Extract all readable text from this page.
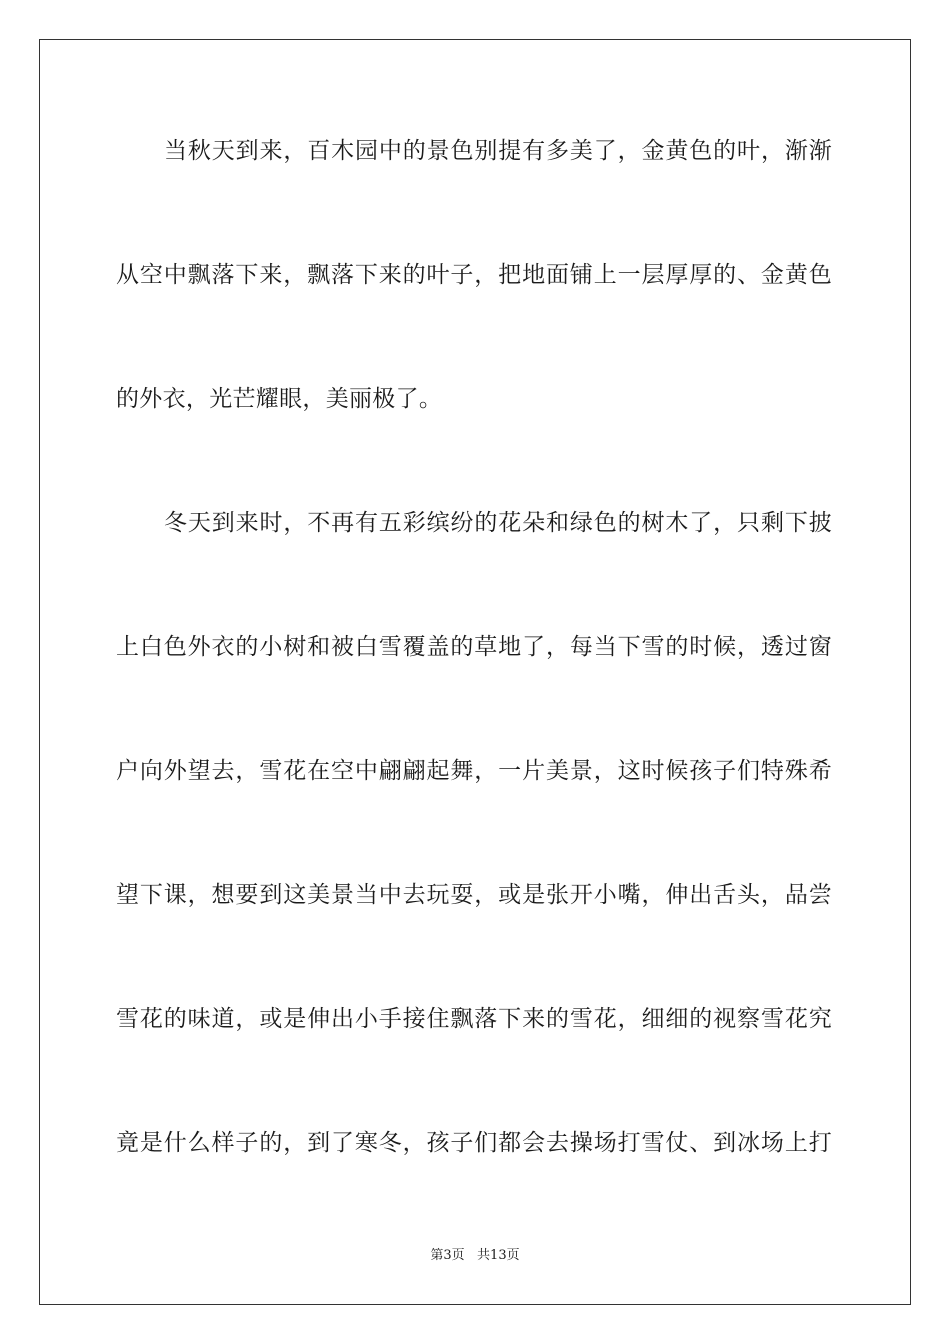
当秋天到来，百木园中的景色别提有多美了，金黄色的叶，渐渐
从空中飘落下来，飘落下来的叶子，把地面铺上一层厚厚的、金黄色
的外衣，光芒耀眼，美丽极了。
冬天到来时，不再有五彩缤纷的花朵和绿色的树木了，只剩下披
上白色外衣的小树和被白雪覆盖的草地了，每当下雪的时候，透过窗
户向外望去，雪花在空中翩翩起舞，一片美景，这时候孩子们特殊希
望下课，想要到这美景当中去玩耍，或是张开小嘴，伸出舌头，品尝
雪花的味道，或是伸出小手接住飘落下来的雪花，细细的视察雪花究
竟是什么样子的，到了寒冬，孩子们都会去操场打雪仗、到冰场上打
第3页   共13页
